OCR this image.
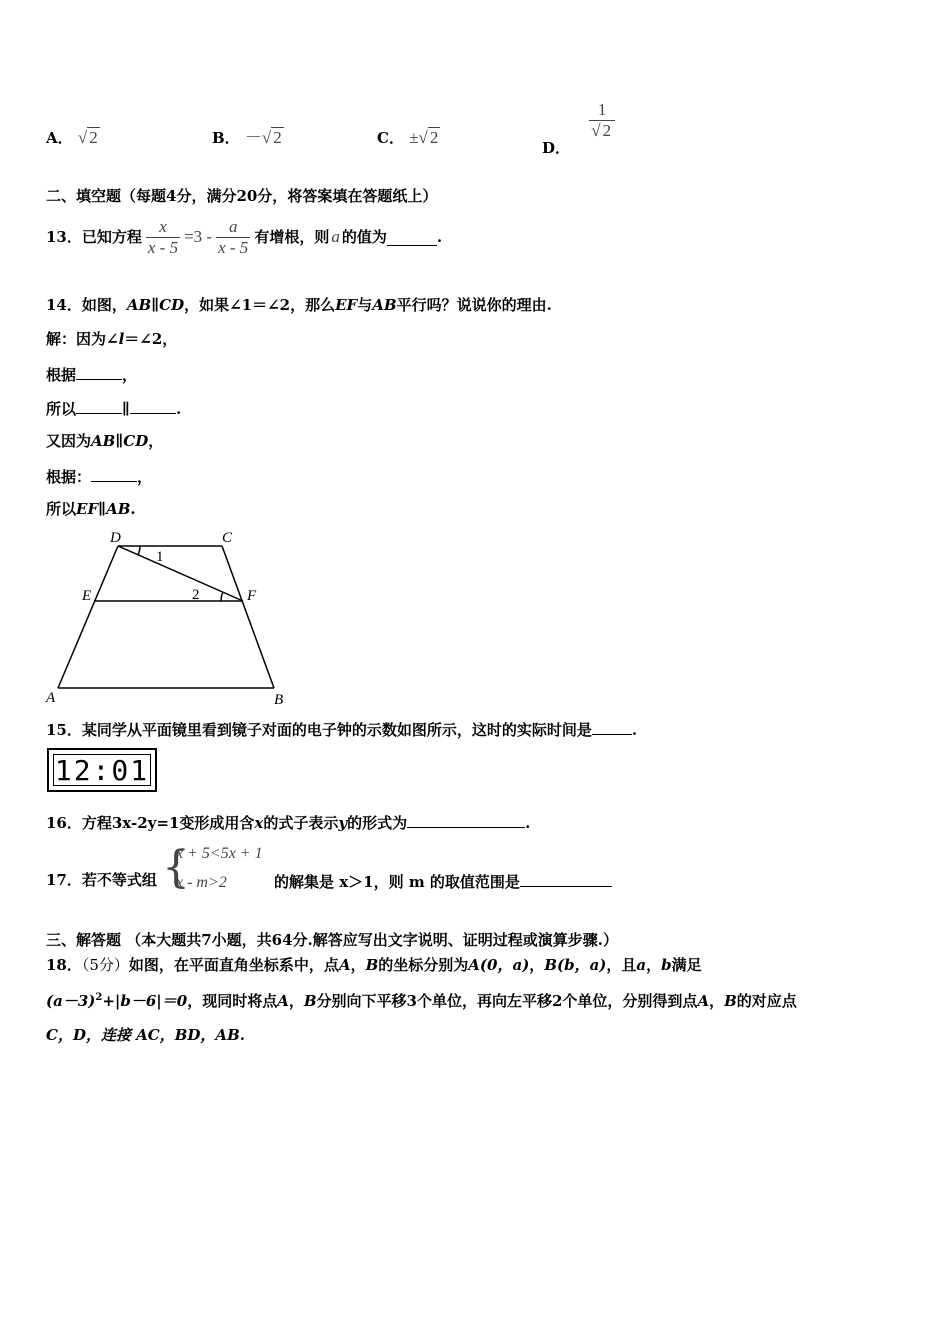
A． √ 2	B． －√ 2	C． ±√ 2
D．
$\frac{1}{√ 2}$
二、填空题（每题4分，满分20分，将答案填在答题纸上）
13．已知方程 $\frac{x}{x - 5} =3 - \frac{a}{x - 5}$ 有增根，则 a 的值为	.
14．如图，AB∥CD，如果∠1＝∠2，那么EF与AB平行吗？说说你的理由.
解：因为∠l＝∠2，
根据	，
所以	∥	.
又因为AB∥CD，
根据：	，
所以EF∥AB.
D	C
E	F
A	B
1
2
15．某同学从平面镜里看到镜子对面的电子钟的示数如图所示，这时的实际时间是	.
12:01
16．方程3x-2y=1变形成用含x的式子表示y的形式为	.
17．若不等式组 {
x + 5<5x + 1
x - m>2	的解集是 x＞1，则 m 的取值范围是
三、解答题 （本大题共7小题，共64分.解答应写出文字说明、证明过程或演算步骤.）
18．（5分）如图，在平面直角坐标系中，点A，B的坐标分别为A(0，a)，B(b，a)，且a，b满足
$(a-3)^2+|b-6|=0$，现同时将点A，B分别向下平移3个单位，再向左平移2个单位，分别得到点A，B的对应点
C，D，连接 AC，BD，AB.
